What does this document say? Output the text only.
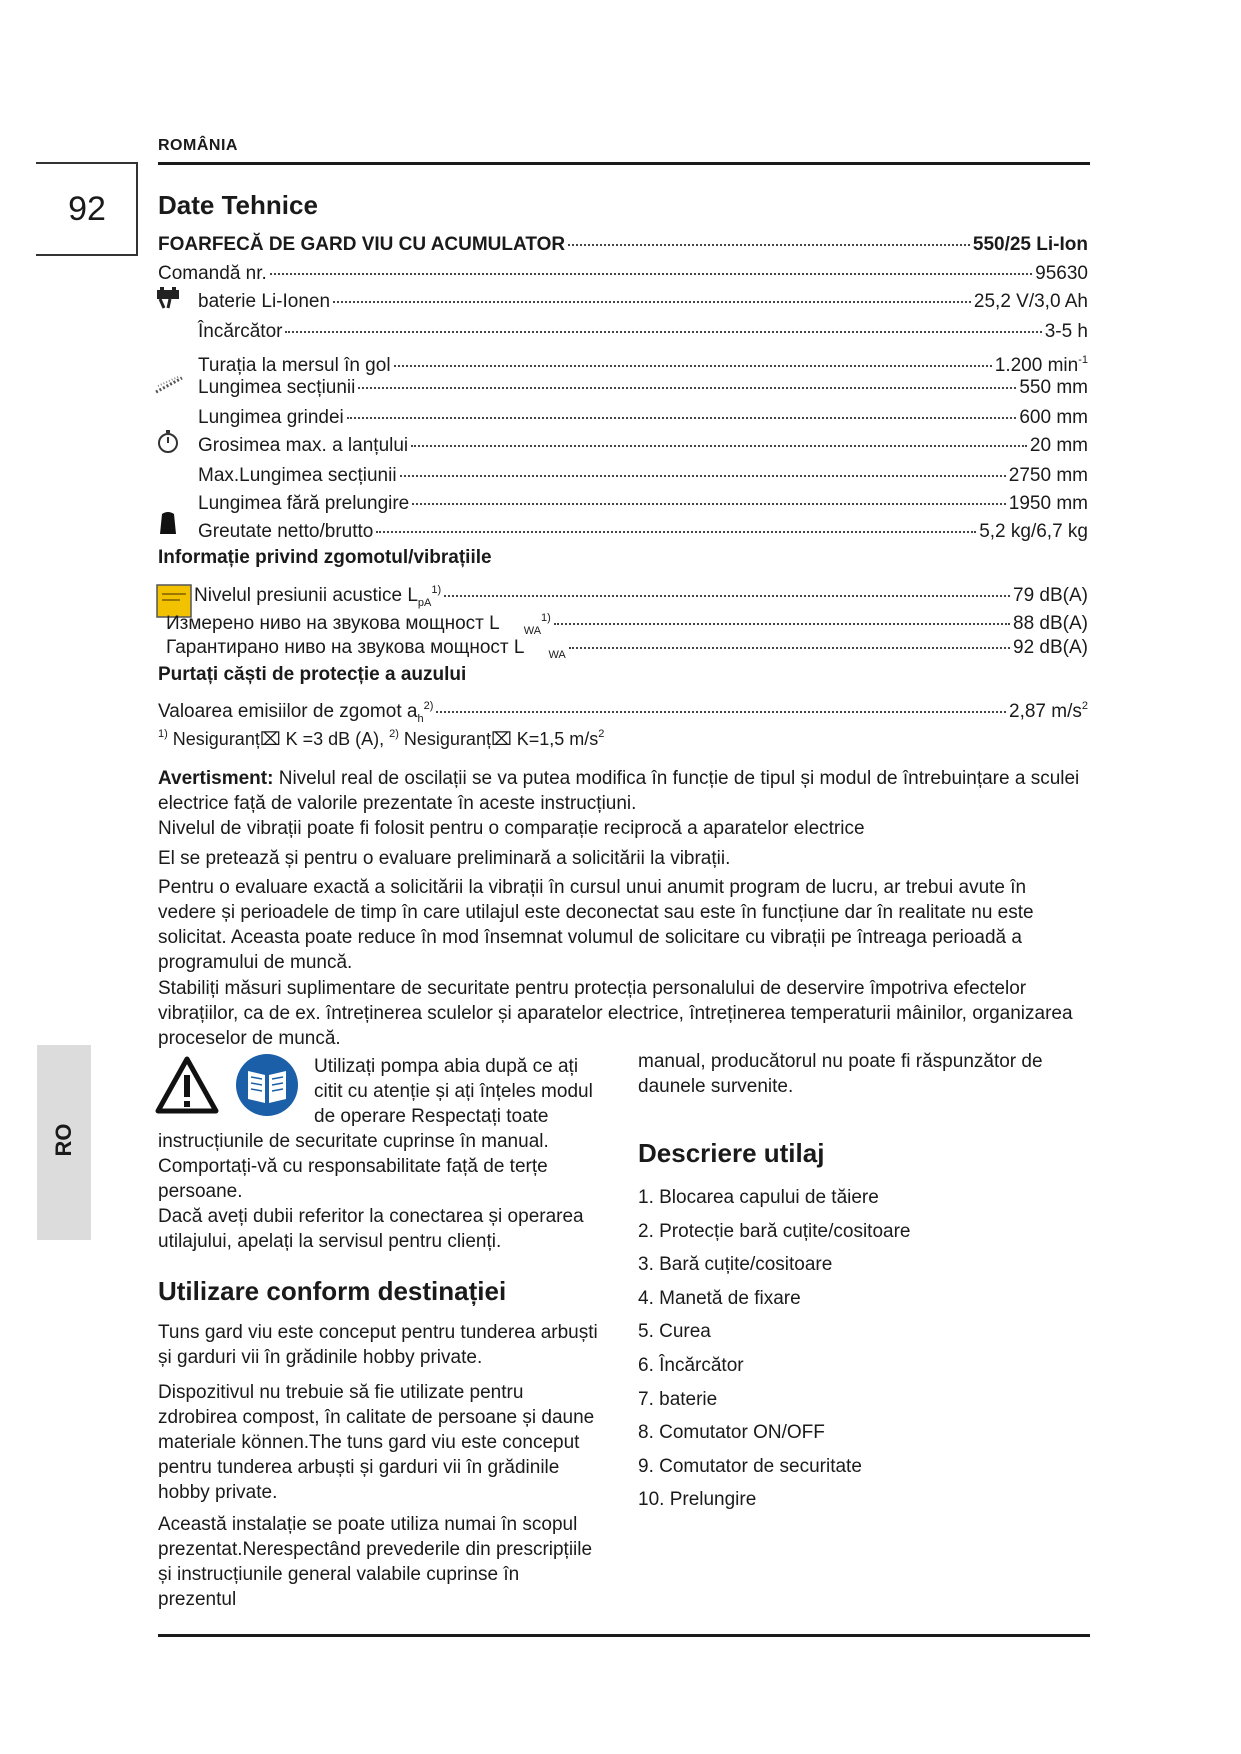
ROMÂNIA
92
RO
Date Tehnice
FOARFECĂ DE GARD VIU CU ACUMULATOR	550/25 Li-Ion
Comandă nr.	95630
baterie Li-Ionen	25,2 V/3,0 Ah
Încărcător	3-5 h
Turația la mersul în gol	1.200 $\min^{-1}$
Lungimea secțiunii	550 mm
Lungimea grindei	600 mm
Grosimea max. a lanțului	20 mm
Max.Lungimea secțiunii	2750 mm
Lungimea fără prelungire	1950 mm
Greutate netto/brutto	5,2 kg/6,7 kg
Informație privind zgomotul/vibrațiile
Nivelul presiunii acustice $L_{pA}^{1)}$	79 dB(A)
Измерено ниво на звукова мощност L $_{WA}^{1)}$	88 dB(A)
Гарантирано ниво на звукова мощност L $_{WA}$	92 dB(A)
Purtați căști de protecție a auzului
Valoarea emisiilor de zgomot $a_h^{2)}$	2,87 $m/s^2$
$^{1)}$ Nesiguranț⌧ K =3 dB (A), $^{2)}$ Nesiguranț⌧ K=1,5 $m/s^2$

Avertisment: Nivelul real de oscilații se va putea modifica în funcție de tipul și modul de întrebuințare a sculei electrice față de valorile prezentate în aceste instrucțiuni.

Nivelul de vibrații poate fi folosit pentru o comparație reciprocă a aparatelor electrice

El se pretează și pentru o evaluare preliminară a solicitării la vibrații.

Pentru o evaluare exactă a solicitării la vibrații în cursul unui anumit program de lucru, ar trebui avute în vedere și perioadele de timp în care utilajul este deconectat sau este în funcțiune dar în realitate nu este solicitat. Aceasta poate reduce în mod însemnat volumul de solicitare cu vibrații pe întreaga perioadă a programului de muncă.

Stabiliți măsuri suplimentare de securitate pentru protecția personalului de deservire împotriva efectelor vibrațiilor, ca de ex. întreținerea sculelor și aparatelor electrice, întreținerea temperaturii mâinilor, organizarea proceselor de muncă.

Utilizați pompa abia după ce ați citit cu atenție și ați înțeles modul de operare Respectați toate

instrucțiunile de securitate cuprinse în manual. Comportați-vă cu responsabilitate față de terțe persoane.

Dacă aveți dubii referitor la conectarea și operarea utilajului, apelați la servisul pentru clienți.

Utilizare conform destinației

Tuns gard viu este conceput pentru tunderea arbuști și garduri vii în grădinile hobby private.

Dispozitivul nu trebuie să fie utilizate pentru zdrobirea compost, în calitate de persoane și daune materiale können.The tuns gard viu este conceput pentru tunderea arbuști și garduri vii în grădinile hobby private.

Această instalație se poate utiliza numai în scopul prezentat.Nerespectând prevederile din prescripțiile și instrucțiunile general valabile cuprinse în prezentul

manual, producătorul nu poate fi răspunzător de daunele survenite.

Descriere utilaj
1. Blocarea capului de tăiere
2. Protecție bară cuțite/cositoare
3. Bară cuțite/cositoare
4. Manetă de fixare
5. Curea
6. Încărcător
7. baterie
8. Comutator ON/OFF
9. Comutator de securitate
10. Prelungire
